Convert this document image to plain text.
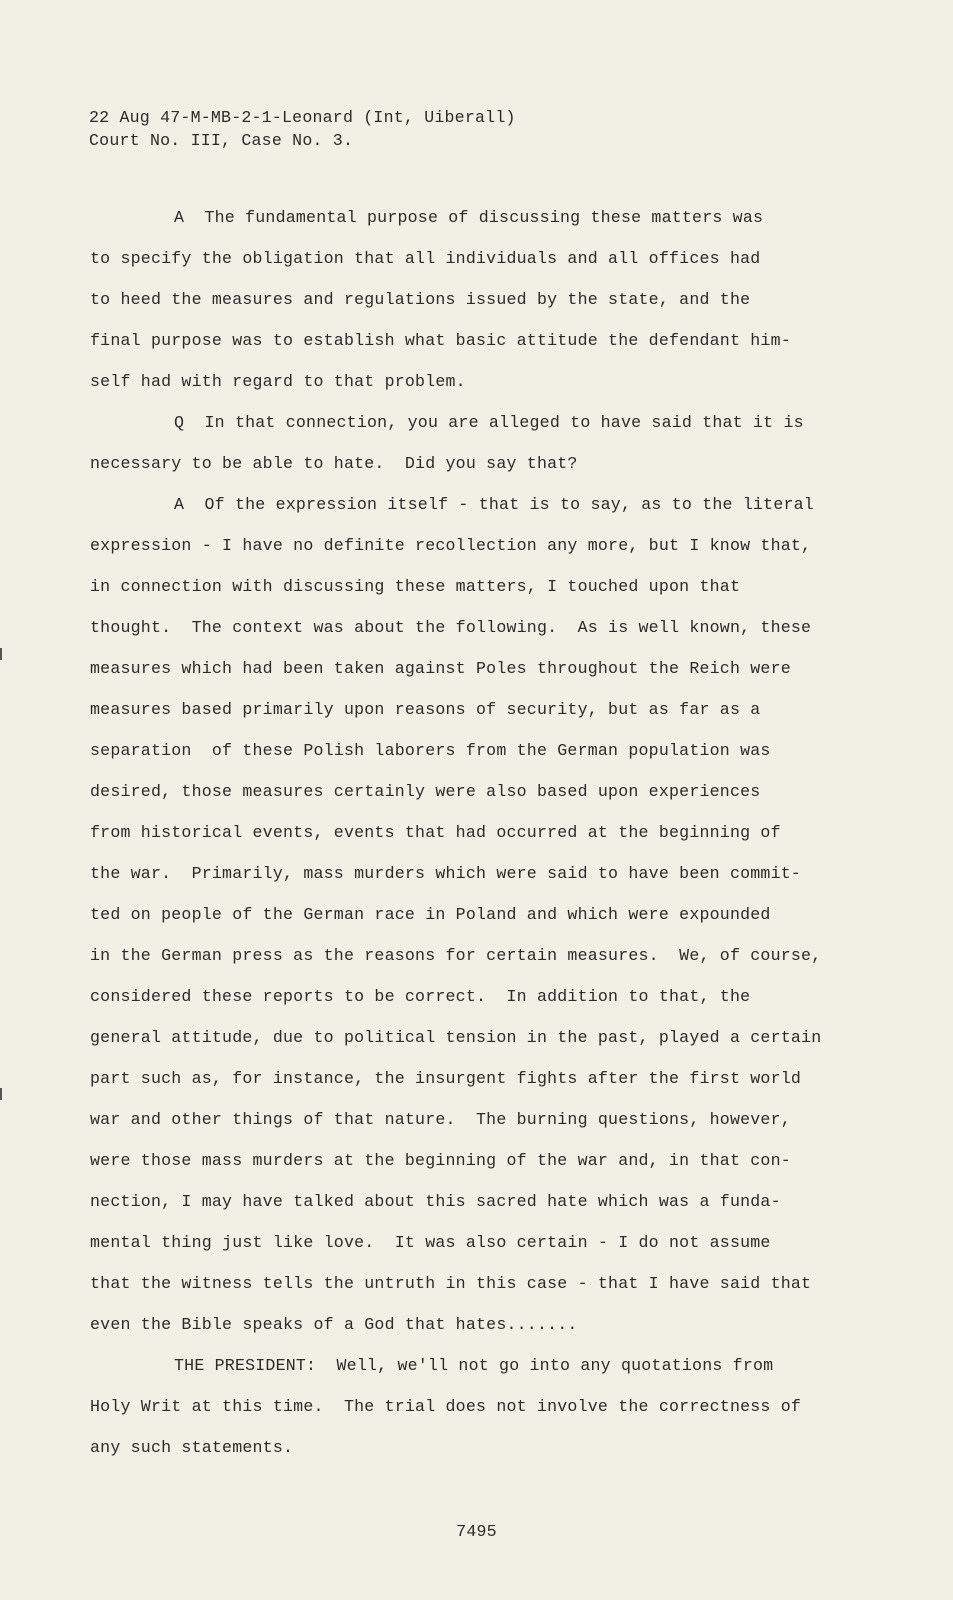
22 Aug 47-M-MB-2-1-Leonard (Int, Uiberall)
Court No. III, Case No. 3.
A  The fundamental purpose of discussing these matters was
to specify the obligation that all individuals and all offices had
to heed the measures and regulations issued by the state, and the
final purpose was to establish what basic attitude the defendant him-
self had with regard to that problem.
Q  In that connection, you are alleged to have said that it is
necessary to be able to hate.  Did you say that?
A  Of the expression itself - that is to say, as to the literal
expression - I have no definite recollection any more, but I know that,
in connection with discussing these matters, I touched upon that
thought.  The context was about the following.  As is well known, these
measures which had been taken against Poles throughout the Reich were
measures based primarily upon reasons of security, but as far as a
separation  of these Polish laborers from the German population was
desired, those measures certainly were also based upon experiences
from historical events, events that had occurred at the beginning of
the war.  Primarily, mass murders which were said to have been commit-
ted on people of the German race in Poland and which were expounded
in the German press as the reasons for certain measures.  We, of course,
considered these reports to be correct.  In addition to that, the
general attitude, due to political tension in the past, played a certain
part such as, for instance, the insurgent fights after the first world
war and other things of that nature.  The burning questions, however,
were those mass murders at the beginning of the war and, in that con-
nection, I may have talked about this sacred hate which was a funda-
mental thing just like love.  It was also certain - I do not assume
that the witness tells the untruth in this case - that I have said that
even the Bible speaks of a God that hates.......
THE PRESIDENT:  Well, we'll not go into any quotations from
Holy Writ at this time.  The trial does not involve the correctness of
any such statements.
7495
